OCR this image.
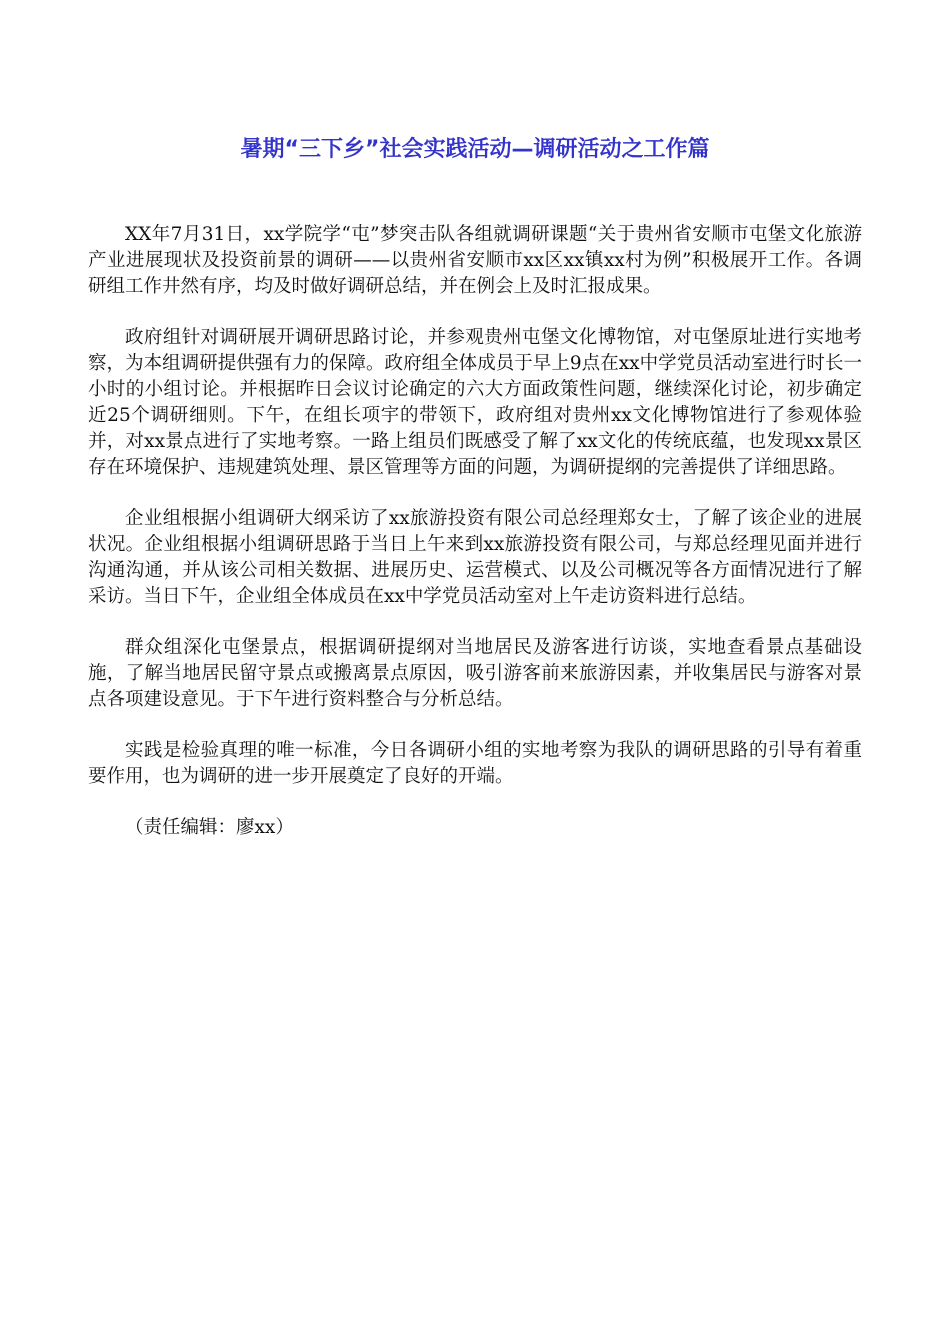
暑期“三下乡”社会实践活动—调研活动之工作篇

XX年7月31日，xx学院学“屯”梦突击队各组就调研课题“关于贵州省安顺市屯堡文化旅游产业进展现状及投资前景的调研——以贵州省安顺市xx区xx镇xx村为例”积极展开工作。各调研组工作井然有序，均及时做好调研总结，并在例会上及时汇报成果。

政府组针对调研展开调研思路讨论，并参观贵州屯堡文化博物馆，对屯堡原址进行实地考察，为本组调研提供强有力的保障。政府组全体成员于早上9点在xx中学党员活动室进行时长一小时的小组讨论。并根据昨日会议讨论确定的六大方面政策性问题，继续深化讨论，初步确定近25个调研细则。下午，在组长项宇的带领下，政府组对贵州xx文化博物馆进行了参观体验并，对xx景点进行了实地考察。一路上组员们既感受了解了xx文化的传统底蕴，也发现xx景区存在环境保护、违规建筑处理、景区管理等方面的问题，为调研提纲的完善提供了详细思路。

企业组根据小组调研大纲采访了xx旅游投资有限公司总经理郑女士，了解了该企业的进展状况。企业组根据小组调研思路于当日上午来到xx旅游投资有限公司，与郑总经理见面并进行沟通沟通，并从该公司相关数据、进展历史、运营模式、以及公司概况等各方面情况进行了解采访。当日下午，企业组全体成员在xx中学党员活动室对上午走访资料进行总结。

群众组深化屯堡景点，根据调研提纲对当地居民及游客进行访谈，实地查看景点基础设施，了解当地居民留守景点或搬离景点原因，吸引游客前来旅游因素，并收集居民与游客对景点各项建设意见。于下午进行资料整合与分析总结。

实践是检验真理的唯一标准，今日各调研小组的实地考察为我队的调研思路的引导有着重要作用，也为调研的进一步开展奠定了良好的开端。

（责任编辑：廖xx）
